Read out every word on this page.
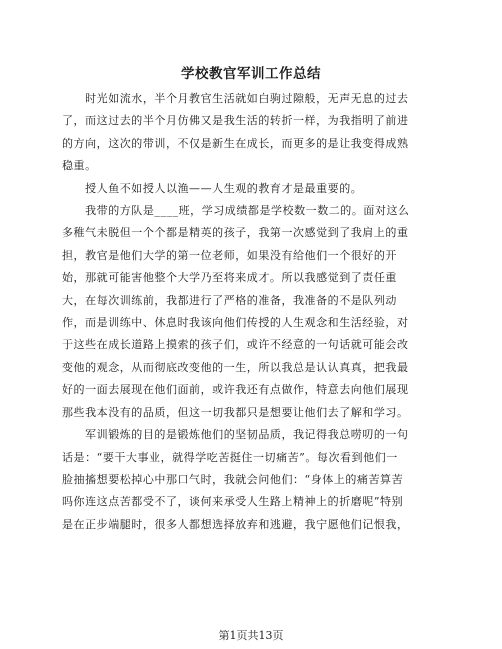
学校教官军训工作总结
　　时光如流水，半个月教官生活就如白驹过隙般，无声无息的过去
了，而这过去的半个月仿佛又是我生活的转折一样，为我指明了前进
的方向，这次的带训，不仅是新生在成长，而更多的是让我变得成熟
稳重。
　　授人鱼不如授人以渔——人生观的教育才是最重要的。
　　我带的方队是____班，学习成绩都是学校数一数二的。面对这么
多稚气未脱但一个个都是精英的孩子，我第一次感觉到了我肩上的重
担，教官是他们大学的第一位老师，如果没有给他们一个很好的开
始，那就可能害他整个大学乃至将来成才。所以我感觉到了责任重
大，在每次训练前，我都进行了严格的准备，我准备的不是队列动
作，而是训练中、休息时我该向他们传授的人生观念和生活经验，对
于这些在成长道路上摸索的孩子们，或许不经意的一句话就可能会改
变他的观念，从而彻底改变他的一生，所以我总是认认真真，把我最
好的一面去展现在他们面前，或许我还有点做作，特意去向他们展现
那些我本没有的品质，但这一切我都只是想要让他们去了解和学习。
　　军训锻炼的目的是锻炼他们的坚韧品质，我记得我总唠叨的一句
话是：“要干大事业，就得学吃苦挺住一切痛苦”。每次看到他们一
脸抽搐想要松掉心中那口气时，我就会问他们：“身体上的痛苦算苦
吗你连这点苦都受不了，谈何来承受人生路上精神上的折磨呢”特别
是在正步端腿时，很多人都想选择放弃和逃避，我宁愿他们记恨我，
第1页共13页
